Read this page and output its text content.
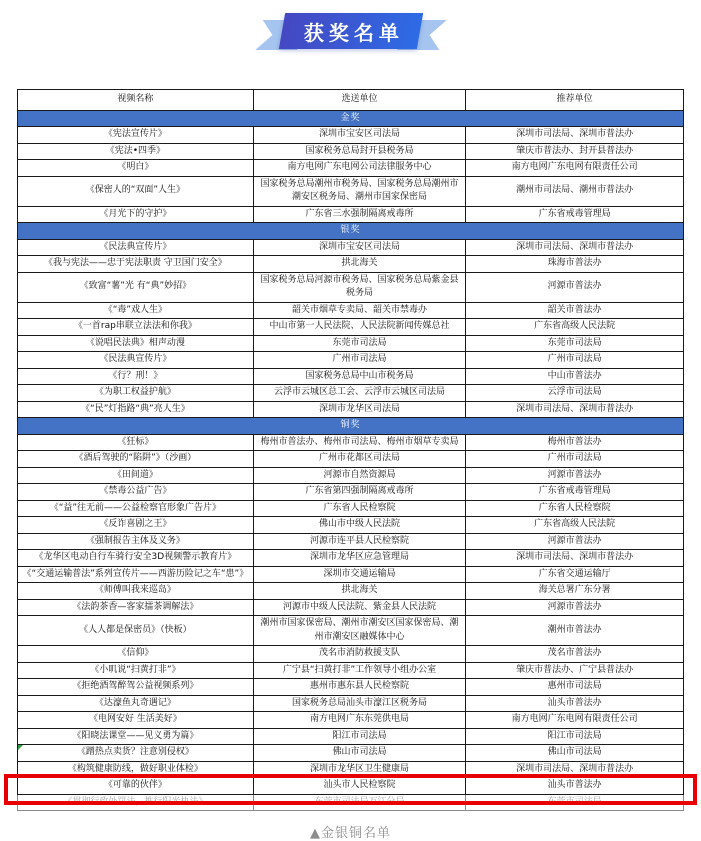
获奖名单
视频名称	选送单位	推荐单位
金奖		
《宪法宣传片》	深圳市宝安区司法局	深圳市司法局、深圳市普法办
《宪法•四季》	国家税务总局封开县税务局	肇庆市普法办、封开县普法办
《明白》	南方电网广东电网公司法律服务中心	南方电网广东电网有限责任公司
《保密人的“双面”人生》	国家税务总局潮州市税务局、国家税务总局潮州市潮安区税务局、潮州市国家保密局	潮州市司法局、潮州市普法办
《月光下的守护》	广东省三水强制隔离戒毒所	广东省戒毒管理局
银奖		
《民法典宣传片》	深圳市宝安区司法局	深圳市司法局、深圳市普法办
《我与宪法——忠于宪法职责 守卫国门安全》	拱北海关	珠海市普法办
《致富“薯”光 有“典”妙招》	国家税务总局河源市税务局、国家税务总局紫金县税务局	河源市普法办
《“毒”戏人生》	韶关市烟草专卖局、韶关市禁毒办	韶关市普法办
《一首rap串联立法法和你我》	中山市第一人民法院、人民法院新闻传媒总社	广东省高级人民法院
《说唱民法典》相声动漫	东莞市司法局	东莞市司法局
《民法典宣传片》	广州市司法局	广州市司法局
《行？刑！》	国家税务总局中山市税务局	中山市普法办
《为职工权益护航》	云浮市云城区总工会、云浮市云城区司法局	云浮市司法局
《“民”灯指路“典”亮人生》	深圳市龙华区司法局	深圳市司法局、深圳市普法办
铜奖		
《狂标》	梅州市普法办、梅州市司法局、梅州市烟草专卖局	梅州市普法办
《酒后驾驶的“陷阱”》（沙画）	广州市花都区司法局	广州市司法局
《田间道》	河源市自然资源局	河源市普法办
《禁毒公益广告》	广东省第四强制隔离戒毒所	广东省戒毒管理局
《“益”往无前——公益检察官形象广告片》	广东省人民检察院	广东省人民检察院
《反诈喜剧之王》	佛山市中级人民法院	广东省高级人民法院
《强制报告主体及义务》	河源市连平县人民检察院	河源市普法办
《龙华区电动自行车骑行安全3D视频警示教育片》	深圳市龙华区应急管理局	深圳市司法局、深圳市普法办
《“交通运输普法”系列宣传片——西游历险记之车“患”》	深圳市交通运输局	广东省交通运输厅
《师傅叫我来巡岛》	拱北海关	海关总署广东分署
《法韵茶香—客家擂茶调解法》	河源市中级人民法院、紫金县人民法院	河源市普法办
《人人都是保密员》（快板）	潮州市国家保密局、潮州市潮安区国家保密局、潮州市潮安区融媒体中心	潮州市普法办
《信仰》	茂名市消防救援支队	茂名市普法办
《小叽说“扫黄打非”》	广宁县“扫黄打非”工作领导小组办公室	肇庆市普法办、广宁县普法办
《拒绝酒驾醉驾公益视频系列》	惠州市惠东县人民检察院	惠州市司法局
《达濠鱼丸奇遇记》	国家税务总局汕头市濠江区税务局	汕头市普法办
《电网安好 生活美好》	南方电网广东东莞供电局	南方电网广东电网有限责任公司
《阳晓法课堂——见义勇为篇》	阳江市司法局	阳江市司法局
《蹭热点卖货？注意别侵权》	佛山市司法局	佛山市司法局
《构筑健康防线，做好职业体检》	深圳市龙华区卫生健康局	深圳市司法局、深圳市普法办
《可靠的伙伴》	汕头市人民检察院	汕头市普法办
《贯彻行政处罚法，推行阳光执法》	东莞市司法局万江分局	东莞市司法局
▲金银铜名单
